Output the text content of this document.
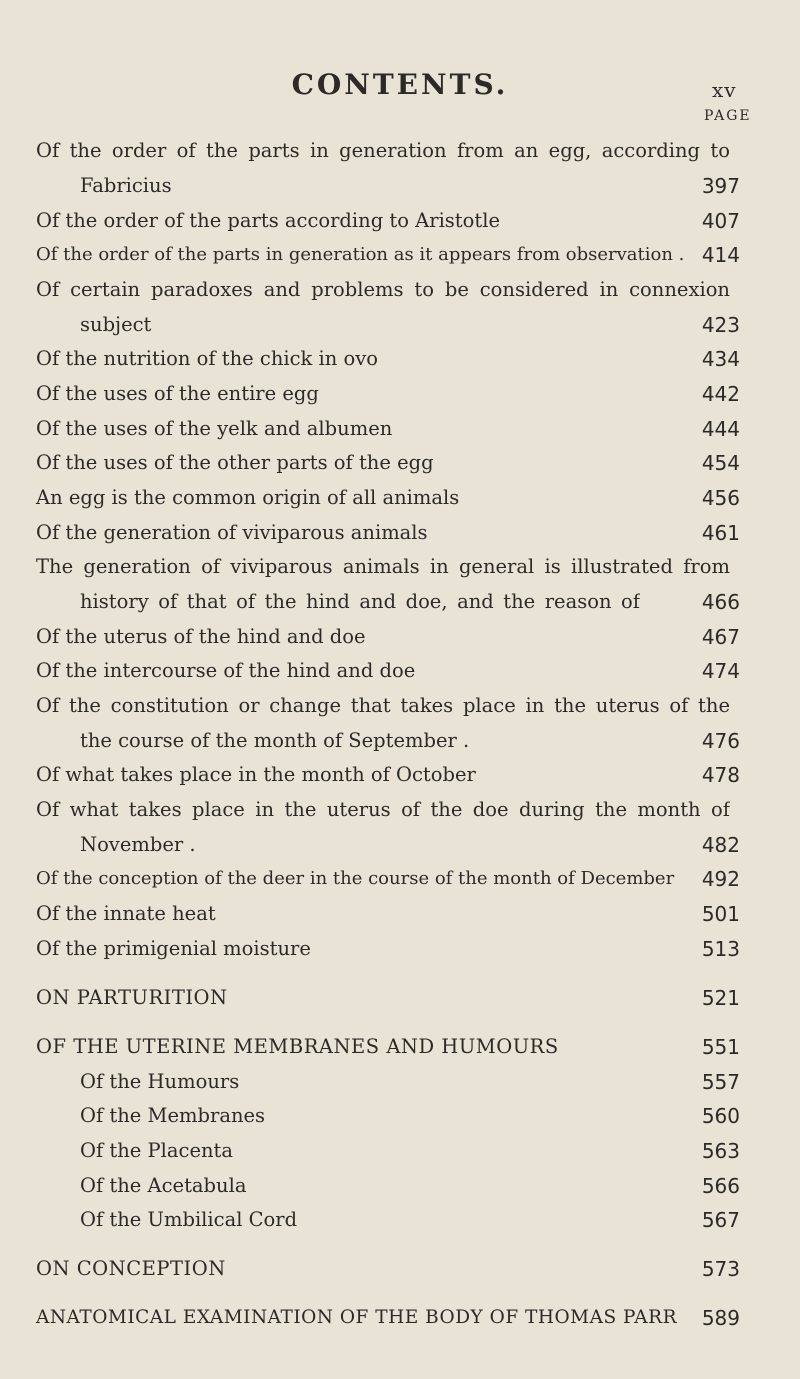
CONTENTS.	xv
PAGE
Of the order of the parts in generation from an egg, according to
Fabricius	397
Of the order of the parts according to Aristotle	407
Of the order of the parts in generation as it appears from observation . 414
Of certain paradoxes and problems to be considered in connexion
subject	423
Of the nutrition of the chick in ovo	434
Of the uses of the entire egg	442
Of the uses of the yelk and albumen	444
Of the uses of the other parts of the egg	454
An egg is the common origin of all animals	456
Of the generation of viviparous animals	461
The generation of viviparous animals in general is illustrated from
history of that of the hind and doe, and the reason of	466
Of the uterus of the hind and doe	467
Of the intercourse of the hind and doe	474
Of the constitution or change that takes place in the uterus of the
the course of the month of September .	476
Of what takes place in the month of October	478
Of what takes place in the uterus of the doe during the month of
November .	482
Of the conception of the deer in the course of the month of December	492
Of the innate heat	501
Of the primigenial moisture	513
ON PARTURITION	521
OF THE UTERINE MEMBRANES AND HUMOURS	551
Of the Humours	557
Of the Membranes	560
Of the Placenta	563
Of the Acetabula	566
Of the Umbilical Cord	567
ON CONCEPTION	573
ANATOMICAL EXAMINATION OF THE BODY OF THOMAS PARR	589
